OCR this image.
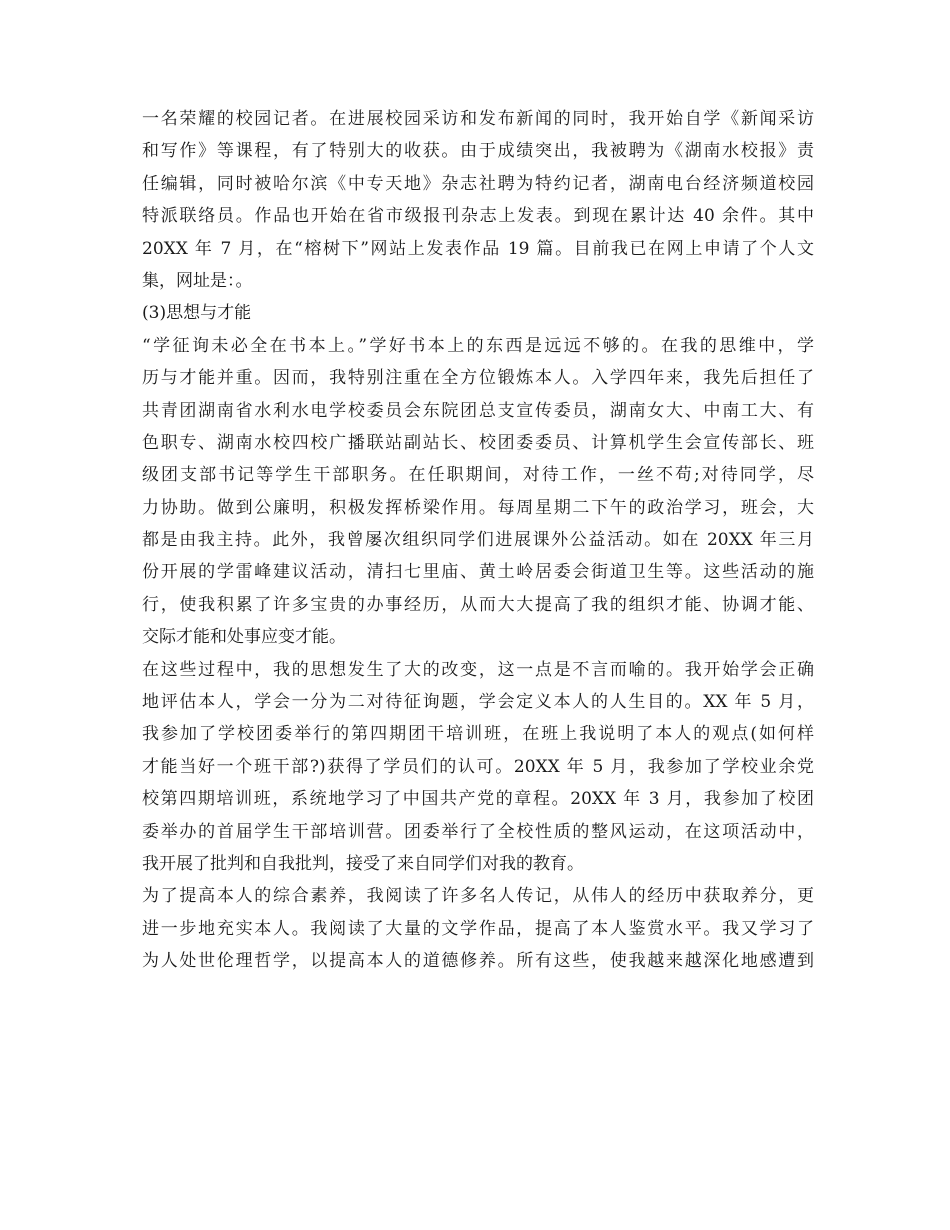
一名荣耀的校园记者。在进展校园采访和发布新闻的同时，我开始自学《新闻采访
和写作》等课程，有了特别大的收获。由于成绩突出，我被聘为《湖南水校报》责
任编辑，同时被哈尔滨《中专天地》杂志社聘为特约记者，湖南电台经济频道校园
特派联络员。作品也开始在省市级报刊杂志上发表。到现在累计达 40 余件。其中
20XX 年 7 月，在“榕树下”网站上发表作品 19 篇。目前我已在网上申请了个人文
集，网址是：。
(3)思想与才能
“学征询未必全在书本上。”学好书本上的东西是远远不够的。在我的思维中，学
历与才能并重。因而，我特别注重在全方位锻炼本人。入学四年来，我先后担任了
共青团湖南省水利水电学校委员会东院团总支宣传委员，湖南女大、中南工大、有
色职专、湖南水校四校广播联站副站长、校团委委员、计算机学生会宣传部长、班
级团支部书记等学生干部职务。在任职期间，对待工作，一丝不苟;对待同学，尽
力协助。做到公廉明，积极发挥桥梁作用。每周星期二下午的政治学习，班会，大
都是由我主持。此外，我曾屡次组织同学们进展课外公益活动。如在 20XX 年三月
份开展的学雷峰建议活动，清扫七里庙、黄土岭居委会街道卫生等。这些活动的施
行，使我积累了许多宝贵的办事经历，从而大大提高了我的组织才能、协调才能、
交际才能和处事应变才能。
在这些过程中，我的思想发生了大的改变，这一点是不言而喻的。我开始学会正确
地评估本人，学会一分为二对待征询题，学会定义本人的人生目的。XX 年 5 月，
我参加了学校团委举行的第四期团干培训班，在班上我说明了本人的观点(如何样
才能当好一个班干部?)获得了学员们的认可。20XX 年 5 月，我参加了学校业余党
校第四期培训班，系统地学习了中国共产党的章程。20XX 年 3 月，我参加了校团
委举办的首届学生干部培训营。团委举行了全校性质的整风运动，在这项活动中，
我开展了批判和自我批判，接受了来自同学们对我的教育。
为了提高本人的综合素养，我阅读了许多名人传记，从伟人的经历中获取养分，更
进一步地充实本人。我阅读了大量的文学作品，提高了本人鉴赏水平。我又学习了
为人处世伦理哲学，以提高本人的道德修养。所有这些，使我越来越深化地感遭到
